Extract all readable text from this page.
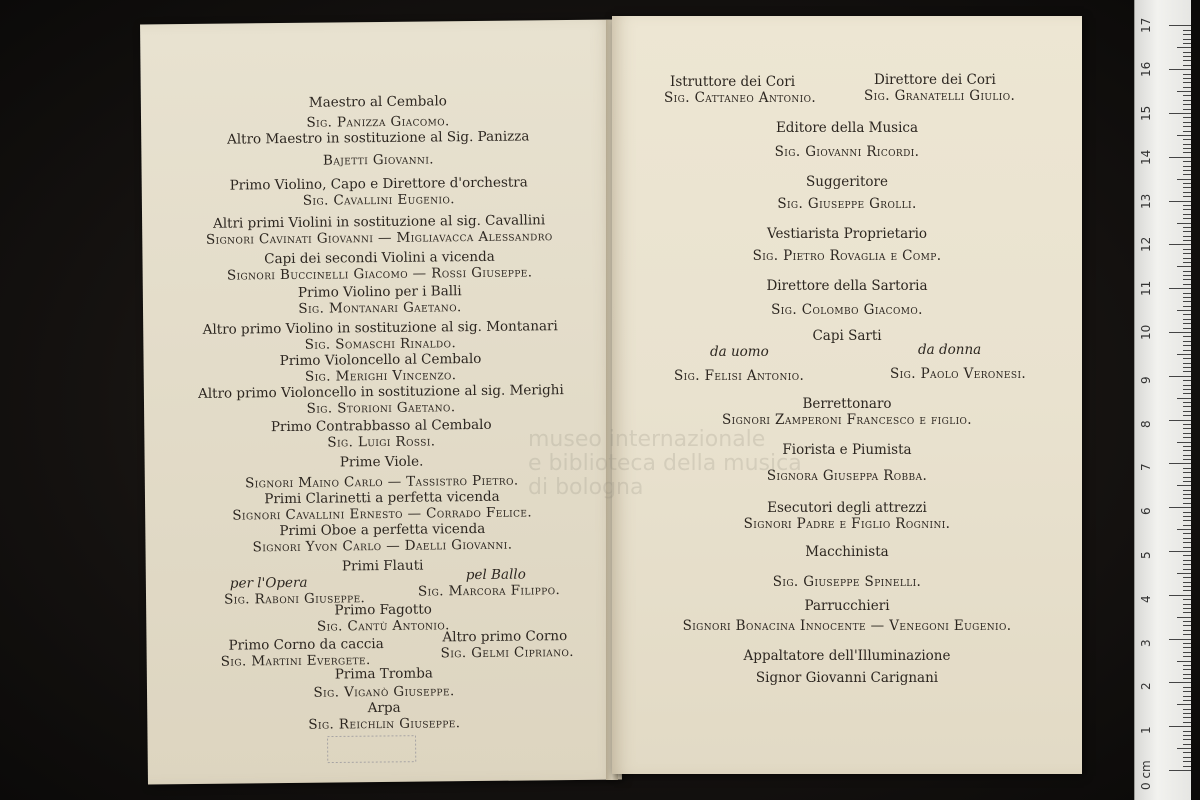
Maestro al Cembalo
Sig. Panizza Giacomo.
Altro Maestro in sostituzione al Sig. Panizza
Bajetti Giovanni.
Primo Violino, Capo e Direttore d'orchestra
Sig. Cavallini Eugenio.
Altri primi Violini in sostituzione al sig. Cavallini
Signori Cavinati Giovanni — Migliavacca Alessandro
Capi dei secondi Violini a vicenda
Signori Buccinelli Giacomo — Rossi Giuseppe.
Primo Violino per i Balli
Sig. Montanari Gaetano.
Altro primo Violino in sostituzione al sig. Montanari
Sig. Somaschi Rinaldo.
Primo Violoncello al Cembalo
Sig. Merighi Vincenzo.
Altro primo Violoncello in sostituzione al sig. Merighi
Sig. Storioni Gaetano.
Primo Contrabbasso al Cembalo
Sig. Luigi Rossi.
Prime Viole.
Signori Maino Carlo — Tassistro Pietro.
Primi Clarinetti a perfetta vicenda
Signori Cavallini Ernesto — Corrado Felice.
Primi Oboe a perfetta vicenda
Signori Yvon Carlo — Daelli Giovanni.
Primi Flauti
per l'Opera
Sig. Raboni Giuseppe.
pel Ballo
Sig. Marcora Filippo.
Primo Fagotto
Sig. Cantù Antonio.
Primo Corno da caccia
Sig. Martini Evergete.
Altro primo Corno
Sig. Gelmi Cipriano.
Prima Tromba
Sig. Viganò Giuseppe.
Arpa
Sig. Reichlin Giuseppe.
Istruttore dei Cori
Sig. Cattaneo Antonio.
Direttore dei Cori
Sig. Granatelli Giulio.
Editore della Musica
Sig. Giovanni Ricordi.
Suggeritore
Sig. Giuseppe Grolli.
Vestiarista Proprietario
Sig. Pietro Rovaglia e Comp.
Direttore della Sartoria
Sig. Colombo Giacomo.
Capi Sarti
da uomo
Sig. Felisi Antonio.
da donna
Sig. Paolo Veronesi.
Berrettonaro
Signori Zamperoni Francesco e figlio.
Fiorista e Piumista
Signora Giuseppa Robba.
Esecutori degli attrezzi
Signori Padre e Figlio Rognini.
Macchinista
Sig. Giuseppe Spinelli.
Parrucchieri
Signori Bonacina Innocente — Venegoni Eugenio.
Appaltatore dell'Illuminazione
Signor Giovanni Carignani
museo internazionale
e biblioteca della musica
di bologna
0 cm
1
2
3
4
5
6
7
8
9
10
11
12
13
14
15
16
17
